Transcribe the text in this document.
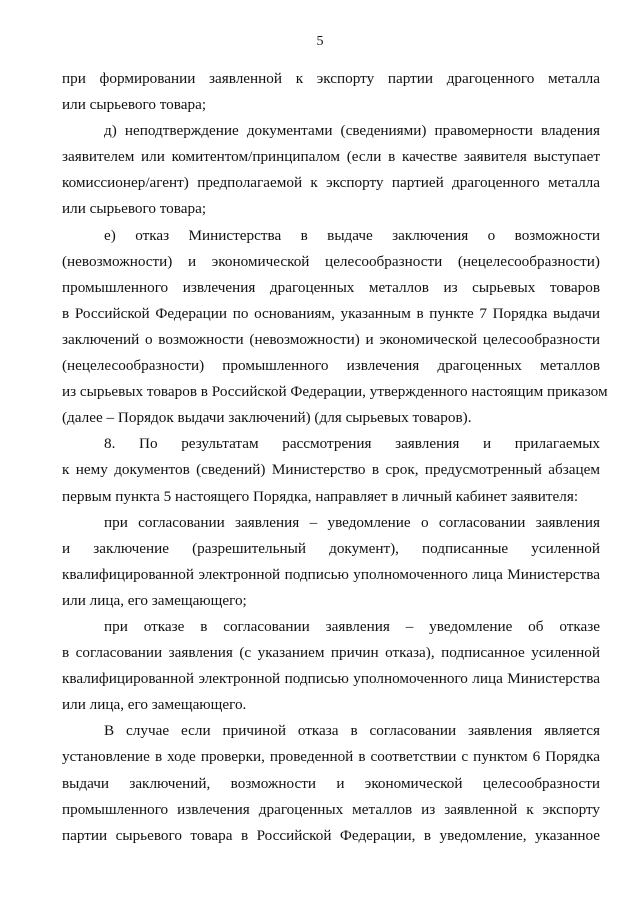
5

при формировании заявленной к экспорту партии драгоценного металла
или сырьевого товара;

д) неподтверждение документами (сведениями) правомерности владения
заявителем или комитентом/принципалом (если в качестве заявителя выступает
комиссионер/агент) предполагаемой к экспорту партией драгоценного металла
или сырьевого товара;

е) отказ Министерства в выдаче заключения о возможности
(невозможности) и экономической целесообразности (нецелесообразности)
промышленного извлечения драгоценных металлов из сырьевых товаров
в Российской Федерации по основаниям, указанным в пункте 7 Порядка выдачи
заключений о возможности (невозможности) и экономической целесообразности
(нецелесообразности) промышленного извлечения драгоценных металлов
из сырьевых товаров в Российской Федерации, утвержденного настоящим приказом
(далее – Порядок выдачи заключений) (для сырьевых товаров).

8. По результатам рассмотрения заявления и прилагаемых
к нему документов (сведений) Министерство в срок, предусмотренный абзацем
первым пункта 5 настоящего Порядка, направляет в личный кабинет заявителя:

при согласовании заявления – уведомление о согласовании заявления
и заключение (разрешительный документ), подписанные усиленной
квалифицированной электронной подписью уполномоченного лица Министерства
или лица, его замещающего;

при отказе в согласовании заявления – уведомление об отказе
в согласовании заявления (с указанием причин отказа), подписанное усиленной
квалифицированной электронной подписью уполномоченного лица Министерства
или лица, его замещающего.

В случае если причиной отказа в согласовании заявления является
установление в ходе проверки, проведенной в соответствии с пунктом 6 Порядка
выдачи заключений, возможности и экономической целесообразности
промышленного извлечения драгоценных металлов из заявленной к экспорту
партии сырьевого товара в Российской Федерации, в уведомление, указанное
